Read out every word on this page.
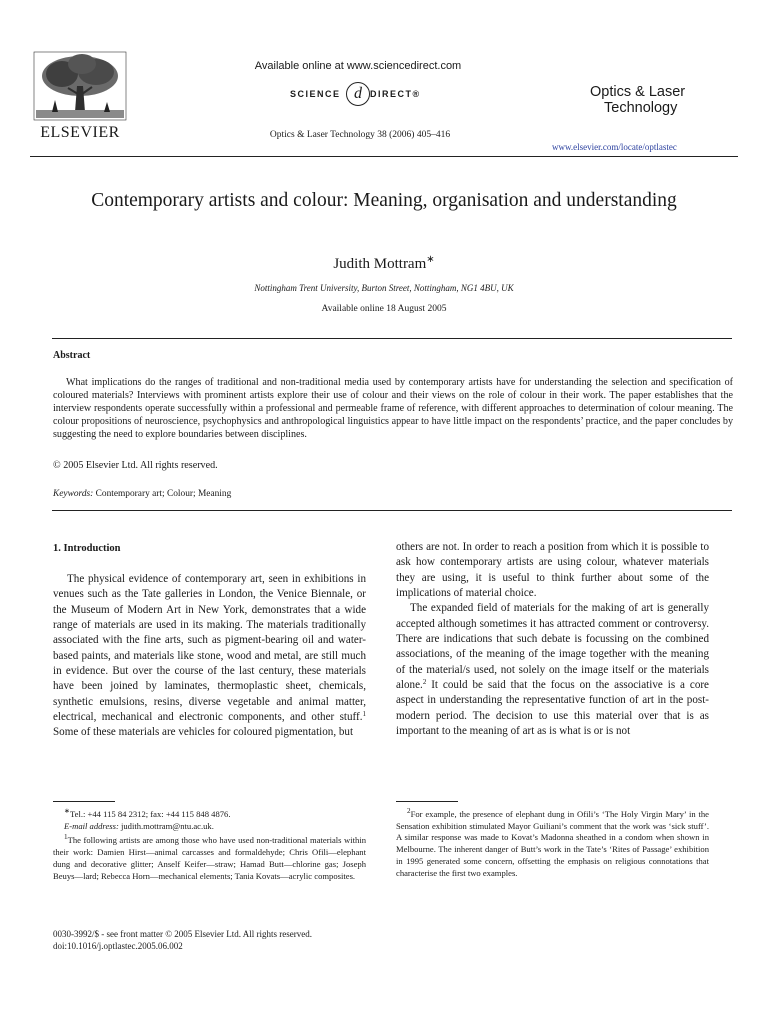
ELSEVIER
Available online at www.sciencedirect.com
SCIENCE d DIRECT®
Optics & Laser Technology 38 (2006) 405–416
Optics & Laser
Technology
www.elsevier.com/locate/optlastec
Contemporary artists and colour: Meaning, organisation and understanding
Judith Mottram∗
Nottingham Trent University, Burton Street, Nottingham, NG1 4BU, UK
Available online 18 August 2005
Abstract

What implications do the ranges of traditional and non-traditional media used by contemporary artists have for understanding the selection and specification of coloured materials? Interviews with prominent artists explore their use of colour and their views on the role of colour in their work. The paper establishes that the interview respondents operate successfully within a professional and permeable frame of reference, with different approaches to determination of colour meaning. The colour propositions of neuroscience, psychophysics and anthropological linguistics appear to have little impact on the respondents’ practice, and the paper concludes by suggesting the need to explore boundaries between disciplines.

© 2005 Elsevier Ltd. All rights reserved.
Keywords: Contemporary art; Colour; Meaning
1. Introduction

The physical evidence of contemporary art, seen in exhibitions in venues such as the Tate galleries in London, the Venice Biennale, or the Museum of Modern Art in New York, demonstrates that a wide range of materials are used in its making. The materials traditionally associated with the fine arts, such as pigment-bearing oil and water-based paints, and materials like stone, wood and metal, are still much in evidence. But over the course of the last century, these materials have been joined by laminates, thermoplastic sheet, chemicals, synthetic emulsions, resins, diverse vegetable and animal matter, electrical, mechanical and electronic components, and other stuff.$^1$ Some of these materials are vehicles for coloured pigmentation, but

others are not. In order to reach a position from which it is possible to ask how contemporary artists are using colour, whatever materials they are using, it is useful to think further about some of the implications of material choice.

The expanded field of materials for the making of art is generally accepted although sometimes it has attracted comment or controversy. There are indications that such debate is focussing on the combined associations, of the meaning of the image together with the meaning of the material/s used, not solely on the image itself or the materials alone.$^2$ It could be said that the focus on the associative is a core aspect in understanding the representative function of art in the post-modern period. The decision to use this material over that is as important to the meaning of art as is what is or is not

∗Tel.: +44 115 84 2312; fax: +44 115 848 4876.

E-mail address: judith.mottram@ntu.ac.uk.

$^1$The following artists are among those who have used non-traditional materials within their work: Damien Hirst—animal carcasses and formaldehyde; Chris Ofili—elephant dung and decorative glitter; Anself Keifer—straw; Hamad Butt—chlorine gas; Joseph Beuys—lard; Rebecca Horn—mechanical elements; Tania Kovats—acrylic composites.

$^2$For example, the presence of elephant dung in Ofili’s ‘The Holy Virgin Mary’ in the Sensation exhibition stimulated Mayor Guiliani’s comment that the work was ‘sick stuff’. A similar response was made to Kovat’s Madonna sheathed in a condom when shown in Melbourne. The inherent danger of Butt’s work in the Tate’s ‘Rites of Passage’ exhibition in 1995 generated some concern, offsetting the emphasis on religious connotations that characterise the first two examples.

0030-3992/$ - see front matter © 2005 Elsevier Ltd. All rights reserved.
doi:10.1016/j.optlastec.2005.06.002
